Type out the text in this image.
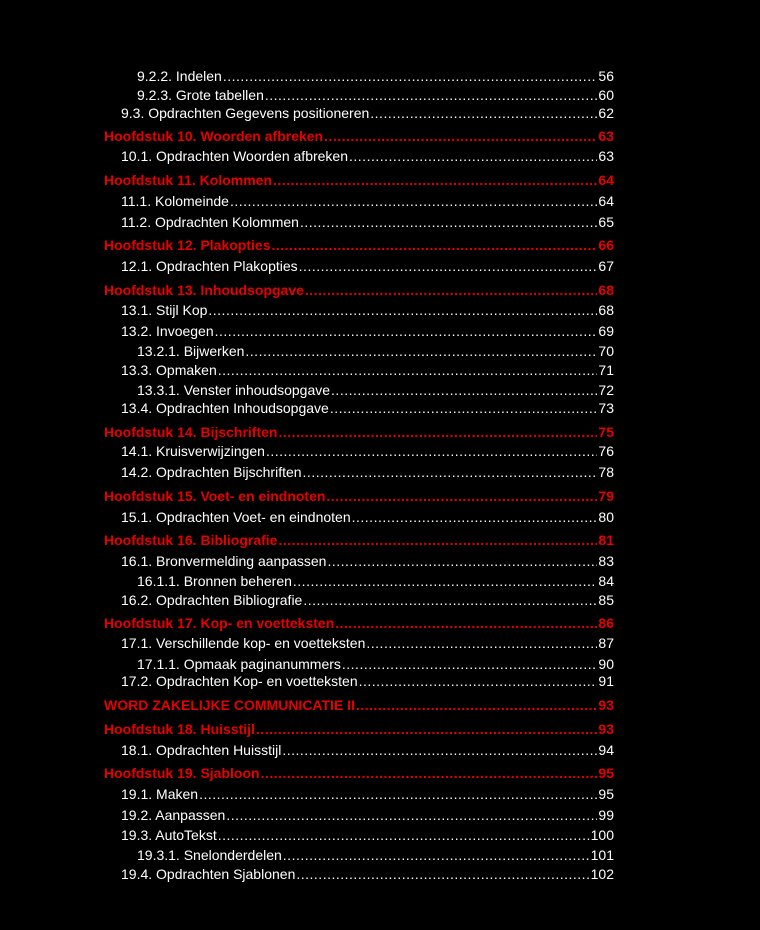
9.2.2. Indelen .....	56
9.2.3. Grote tabellen .....	60
9.3. Opdrachten Gegevens positioneren .....	62
Hoofdstuk 10. Woorden afbreken .....	63
10.1. Opdrachten Woorden afbreken .....	63
Hoofdstuk 11. Kolommen .....	64
11.1. Kolomeinde .....	64
11.2. Opdrachten Kolommen .....	65
Hoofdstuk 12. Plakopties .....	66
12.1. Opdrachten Plakopties .....	67
Hoofdstuk 13. Inhoudsopgave .....	68
13.1. Stijl Kop .....	68
13.2. Invoegen .....	69
13.2.1. Bijwerken .....	70
13.3. Opmaken .....	71
13.3.1. Venster inhoudsopgave .....	72
13.4. Opdrachten Inhoudsopgave .....	73
Hoofdstuk 14. Bijschriften .....	75
14.1. Kruisverwijzingen .....	76
14.2. Opdrachten Bijschriften .....	78
Hoofdstuk 15. Voet- en eindnoten .....	79
15.1. Opdrachten Voet- en eindnoten .....	80
Hoofdstuk 16. Bibliografie .....	81
16.1. Bronvermelding aanpassen .....	83
16.1.1. Bronnen beheren .....	84
16.2. Opdrachten Bibliografie .....	85
Hoofdstuk 17. Kop- en voetteksten .....	86
17.1. Verschillende kop- en voetteksten .....	87
17.1.1. Opmaak paginanummers .....	90
17.2. Opdrachten Kop- en voetteksten .....	91
WORD ZAKELIJKE COMMUNICATIE II .....	93
Hoofdstuk 18. Huisstijl .....	93
18.1. Opdrachten Huisstijl .....	94
Hoofdstuk 19. Sjabloon .....	95
19.1. Maken .....	95
19.2. Aanpassen .....	99
19.3. AutoTekst .....	100
19.3.1. Snelonderdelen .....	101
19.4. Opdrachten Sjablonen .....	102
